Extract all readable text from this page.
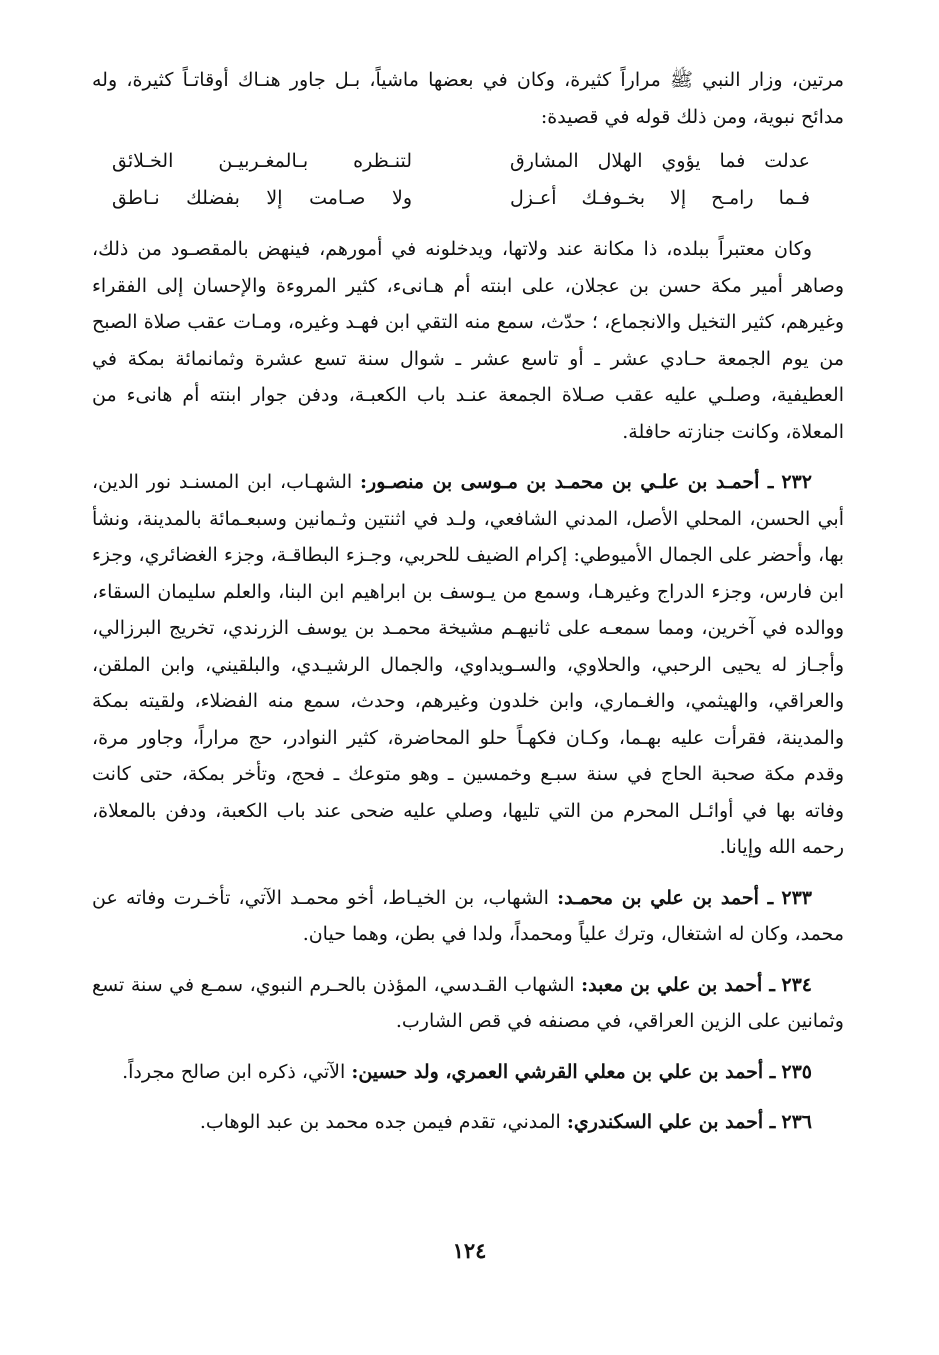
مرتين، وزار النبي ﷺ مراراً كثيرة، وكان في بعضها ماشياً، بـل جاور هنـاك أوقاتـاً كثيرة، وله مدائح نبوية، ومن ذلك قوله في قصيدة:

عدلت فما يؤوي الهلال المشارق
لتنـظره بـالمغـربيـن الخـلائق
فـما رامـح إلا بخـوفـك أعـزل
ولا صـامت إلا بفضلك نـاطق

وكان معتبراً ببلده، ذا مكانة عند ولاتها، ويدخلونه في أمورهم، فينهض بالمقصـود من ذلك، وصاهر أمير مكة حسن بن عجلان، على ابنته أم هـانىء، كثير المروءة والإحسان إلى الفقراء وغيرهم، كثير التخيل والانجماع، ؛ حدّث، سمع منه التقي ابن فهـد وغيره، ومـات عقب صلاة الصبح من يوم الجمعة حـادي عشر ـ أو تاسع عشر ـ شوال سنة تسع عشرة وثمانمائة بمكة في العطيفية، وصلـي عليه عقب صـلاة الجمعة عنـد باب الكعبـة، ودفن جوار ابنته أم هانىء من المعلاة، وكانت جنازته حافلة.

٢٣٢ ـ أحمـد بن علـي بن محمـد بن مـوسى بن منصـور: الشهـاب، ابن المسنـد نور الدين، أبي الحسن، المحلي الأصل، المدني الشافعي، ولـد في اثنتين وثـمانين وسبعـمائة بالمدينة، ونشأ بها، وأحضر على الجمال الأميوطي: إكرام الضيف للحربي، وجـزء البطاقـة، وجزء الغضائري، وجزء ابن فارس، وجزء الدراج وغيرهـا، وسمع من يـوسف بن ابراهيم ابن البنا، والعلم سليمان السقاء، ووالده في آخرين، ومما سمعـه على ثانيهـم مشيخة محمـد بن يوسف الزرندي، تخريج البرزالي، وأجـاز له يحيى الرحبي، والحلاوي، والسـويداوي، والجمال الرشيـدي، والبلقيني، وابن الملقن، والعراقي، والهيثمي، والغـماري، وابن خلدون وغيرهم، وحدث، سمع منه الفضلاء، ولقيته بمكة والمدينة، فقرأت عليه بهـما، وكـان فكهـاً حلو المحاضرة، كثير النوادر، حج مراراً، وجاور مرة، وقدم مكة صحبة الحاج في سنة سبـع وخمسين ـ وهو متوعك ـ فحج، وتأخر بمكة، حتى كانت وفاته بها في أوائـل المحرم من التي تليها، وصلي عليه ضحى عند باب الكعبة، ودفن بالمعلاة، رحمه الله وإيانا.

٢٣٣ ـ أحمد بن علي بن محمـد: الشهاب، بن الخيـاط، أخو محمـد الآتي، تأخـرت وفاته عن محمد، وكان له اشتغال، وترك علياً ومحمداً، ولدا في بطن، وهما حيان.

٢٣٤ ـ أحمد بن علي بن معبد: الشهاب القـدسي، المؤذن بالحـرم النبوي، سمـع في سنة تسع وثمانين على الزين العراقي، في مصنفه في قص الشارب.

٢٣٥ ـ أحمد بن علي بن معلي القرشي العمري، ولد حسين: الآتي، ذكره ابن صالح مجرداً.

٢٣٦ ـ أحمد بن علي السكندري: المدني، تقدم فيمن جده محمد بن عبد الوهاب.

١٢٤
